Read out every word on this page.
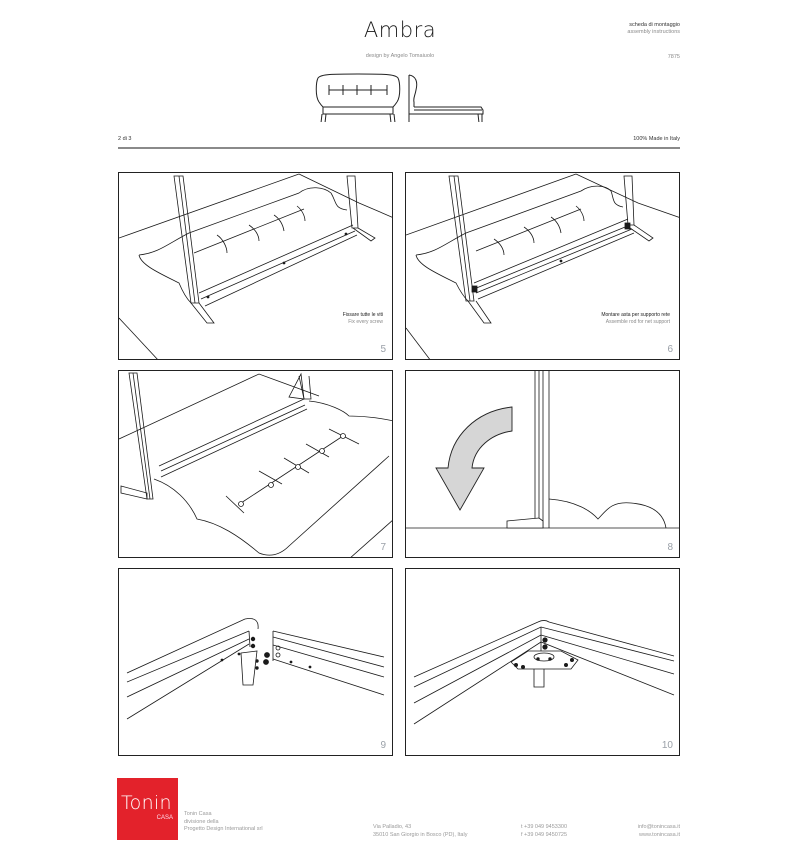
Ambra
design by Angelo Tomaiuolo
scheda di montaggio
assembly instructions
7875
2 di 3	100% Made in Italy
Fissare tutte le viti
Fix every screw
5
Montare asta per supporto rete
Assemble rod for net support
6
7	8
9	10
Tonin
CASA
Tonin Casa
divisione della
Progetto Design International srl	Via Palladio, 43
35010 San Giorgio in Bosco (PD), Italy
t +39 049 9453300
f +39 049 9450725
info@tonincasa.it
www.tonincasa.it
